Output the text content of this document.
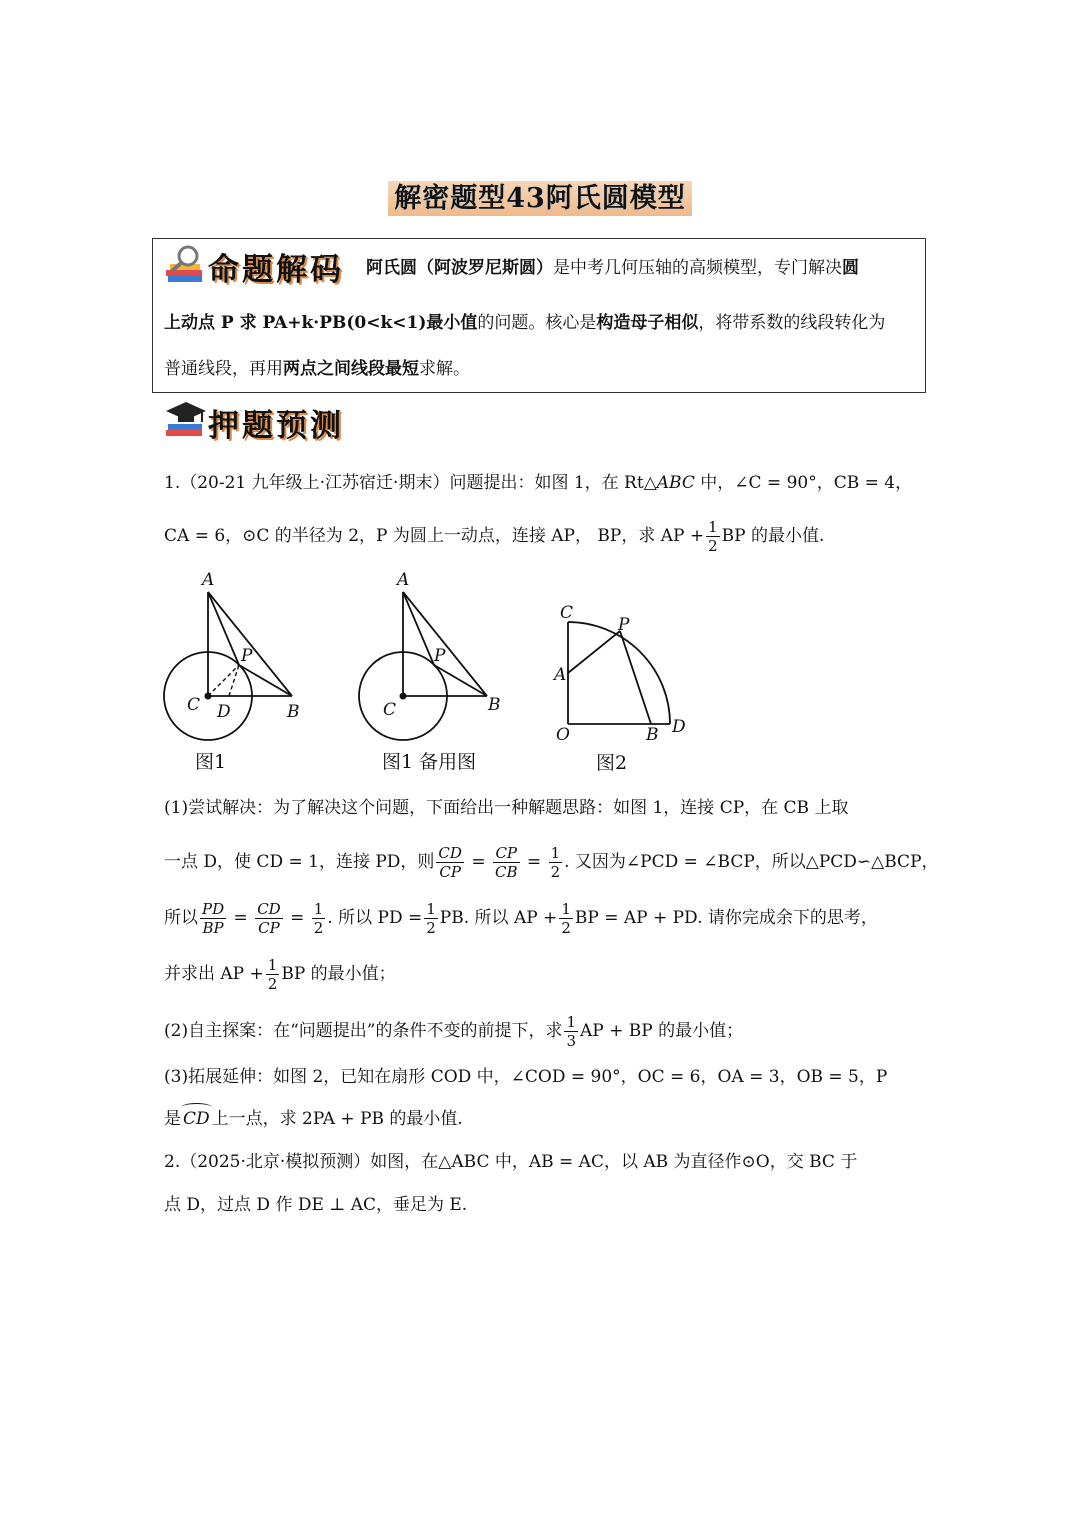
解密题型43阿氏圆模型
命题解码 阿氏圆（阿波罗尼斯圆）是中考几何压轴的高频模型，专门解决圆
上动点 P 求 PA+k·PB(0<k<1)最小值的问题。核心是构造母子相似，将带系数的线段转化为
普通线段，再用两点之间线段最短求解。
押题预测
1.（20-21 九年级上·江苏宿迁·期末）问题提出：如图 1，在 Rt△ABC 中，∠C = 90°，CB = 4，
CA = 6，⊙C 的半径为 2，P 为圆上一动点，连接 AP， BP，求 AP + $\frac{1}{2}$ BP 的最小值.
A
P
C D	B
图1
A
P
C	B
图1 备用图
C
P
A
O	B D
图2
(1)尝试解决：为了解决这个问题，下面给出一种解题思路：如图 1，连接 CP，在 CB 上取
一点 D，使 CD = 1，连接 PD，则 $\frac{CD}{CP} = \frac{CP}{CB} = \frac{1}{2}$ . 又因为∠PCD = ∠BCP，所以△PCD∽△BCP，
所以 $\frac{PD}{BP} = \frac{CD}{CP} = \frac{1}{2}$ . 所以 PD = $\frac{1}{2}$ PB. 所以 AP + $\frac{1}{2}$ BP = AP + PD. 请你完成余下的思考，
并求出 AP + $\frac{1}{2}$ BP 的最小值；
(2)自主探案：在“问题提出”的条件不变的前提下，求 $\frac{1}{3}$ AP + BP 的最小值；
(3)拓展延伸：如图 2，已知在扇形 COD 中，∠COD = 90°，OC = 6，OA = 3，OB = 5，P
是 CD 上一点，求 2PA + PB 的最小值.
2.（2025·北京·模拟预测）如图，在△ABC 中，AB = AC，以 AB 为直径作⊙O，交 BC 于
点 D，过点 D 作 DE ⊥ AC，垂足为 E.
